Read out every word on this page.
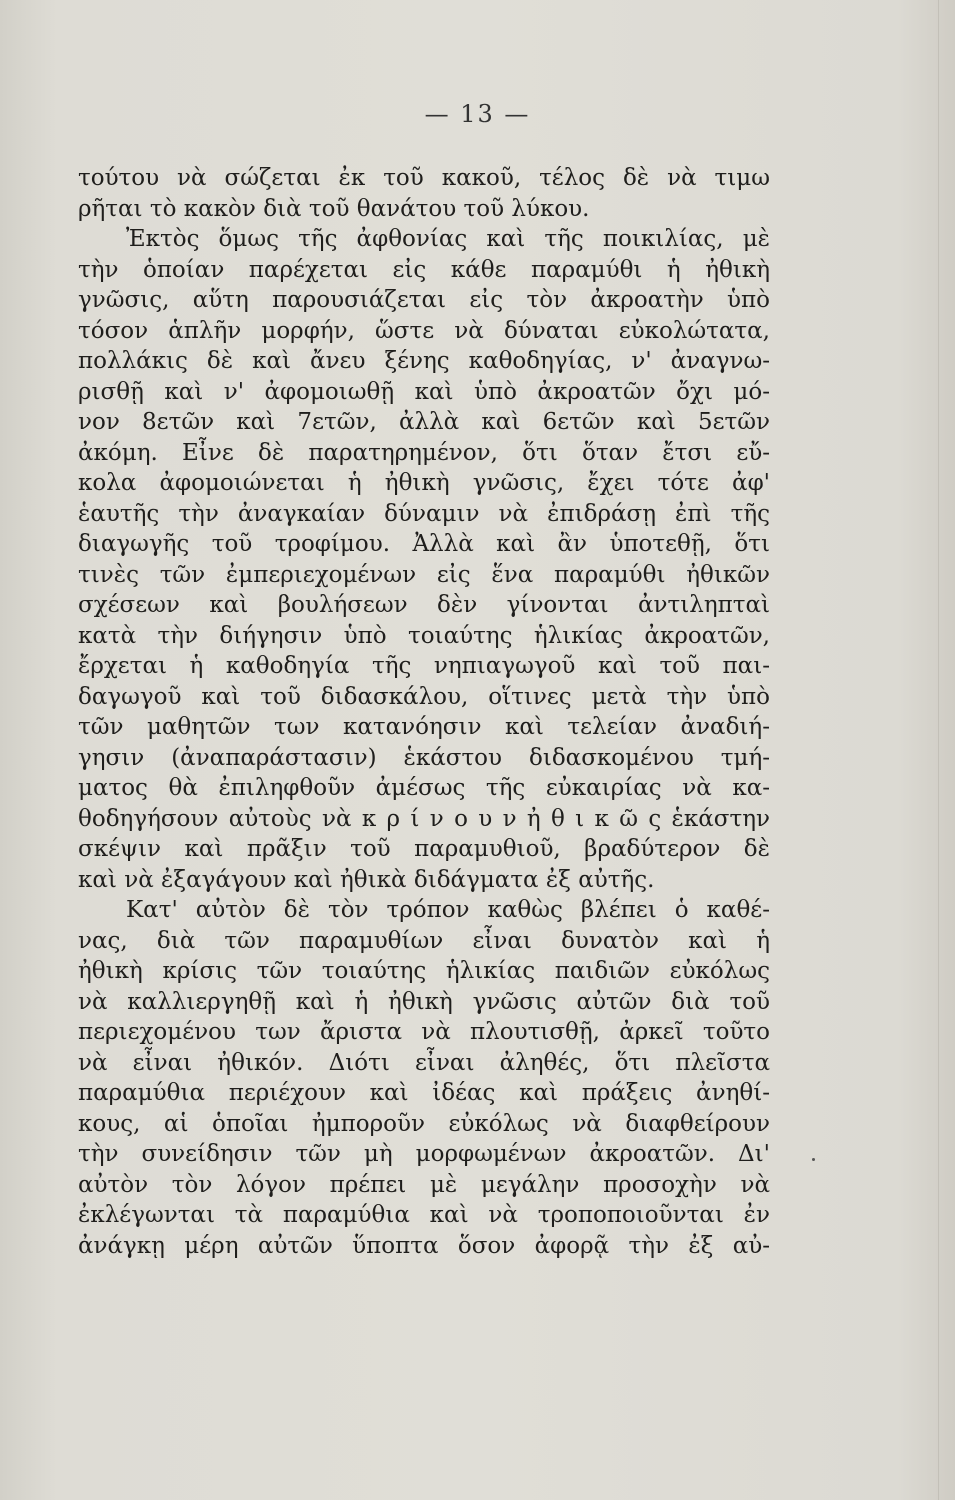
— 13 —
τούτου νὰ σώζεται ἐκ τοῦ κακοῦ, τέλος δὲ νὰ τιμω
ρῆται τὸ κακὸν διὰ τοῦ θανάτου τοῦ λύκου.
Ἐκτὸς ὅμως τῆς ἀφθονίας καὶ τῆς ποικιλίας, μὲ
τὴν ὁποίαν παρέχεται εἰς κάθε παραμύθι ἡ ἠθικὴ
γνῶσις, αὕτη παρουσιάζεται εἰς τὸν ἀκροατὴν ὑπὸ
τόσον ἁπλῆν μορφήν, ὥστε νὰ δύναται εὐκολώτατα,
πολλάκις δὲ καὶ ἄνευ ξένης καθοδηγίας, ν' ἀναγνω-
ρισθῇ καὶ ν' ἀφομοιωθῇ καὶ ὑπὸ ἀκροατῶν ὄχι μό-
νον 8ετῶν καὶ 7ετῶν, ἀλλὰ καὶ 6ετῶν καὶ 5ετῶν
ἀκόμη. Εἶνε δὲ παρατηρημένον, ὅτι ὅταν ἔτσι εὔ-
κολα ἀφομοιώνεται ἡ ἠθικὴ γνῶσις, ἔχει τότε ἀφ'
ἑαυτῆς τὴν ἀναγκαίαν δύναμιν νὰ ἐπιδράσῃ ἐπὶ τῆς
διαγωγῆς τοῦ τροφίμου. Ἀλλὰ καὶ ἂν ὑποτεθῇ, ὅτι
τινὲς τῶν ἐμπεριεχομένων εἰς ἕνα παραμύθι ἠθικῶν
σχέσεων καὶ βουλήσεων δὲν γίνονται ἀντιληπταὶ
κατὰ τὴν διήγησιν ὑπὸ τοιαύτης ἡλικίας ἀκροατῶν,
ἔρχεται ἡ καθοδηγία τῆς νηπιαγωγοῦ καὶ τοῦ παι-
δαγωγοῦ καὶ τοῦ διδασκάλου, οἵτινες μετὰ τὴν ὑπὸ
τῶν μαθητῶν των κατανόησιν καὶ τελείαν ἀναδιή-
γησιν (ἀναπαράστασιν) ἑκάστου διδασκομένου τμή-
ματος θὰ ἐπιληφθοῦν ἀμέσως τῆς εὐκαιρίας νὰ κα-
θοδηγήσουν αὐτοὺς νὰ κ ρ ί ν ο υ ν ἠ θ ι κ ῶ ς ἑκάστην
σκέψιν καὶ πρᾶξιν τοῦ παραμυθιοῦ, βραδύτερον δὲ
καὶ νὰ ἐξαγάγουν καὶ ἠθικὰ διδάγματα ἐξ αὐτῆς.
Κατ' αὐτὸν δὲ τὸν τρόπον καθὼς βλέπει ὁ καθέ-
νας, διὰ τῶν παραμυθίων εἶναι δυνατὸν καὶ ἡ
ἠθικὴ κρίσις τῶν τοιαύτης ἡλικίας παιδιῶν εὐκόλως
νὰ καλλιεργηθῇ καὶ ἡ ἠθικὴ γνῶσις αὐτῶν διὰ τοῦ
περιεχομένου των ἄριστα νὰ πλουτισθῇ, ἀρκεῖ τοῦτο
νὰ εἶναι ἠθικόν. Διότι εἶναι ἀληθές, ὅτι πλεῖστα
παραμύθια περιέχουν καὶ ἰδέας καὶ πράξεις ἀνηθί-
κους, αἱ ὁποῖαι ἠμποροῦν εὐκόλως νὰ διαφθείρουν
τὴν συνείδησιν τῶν μὴ μορφωμένων ἀκροατῶν. Δι'
αὐτὸν τὸν λόγον πρέπει μὲ μεγάλην προσοχὴν νὰ
ἐκλέγωνται τὰ παραμύθια καὶ νὰ τροποποιοῦνται ἐν
ἀνάγκῃ μέρη αὐτῶν ὕποπτα ὅσον ἀφορᾷ τὴν ἐξ αὐ-
